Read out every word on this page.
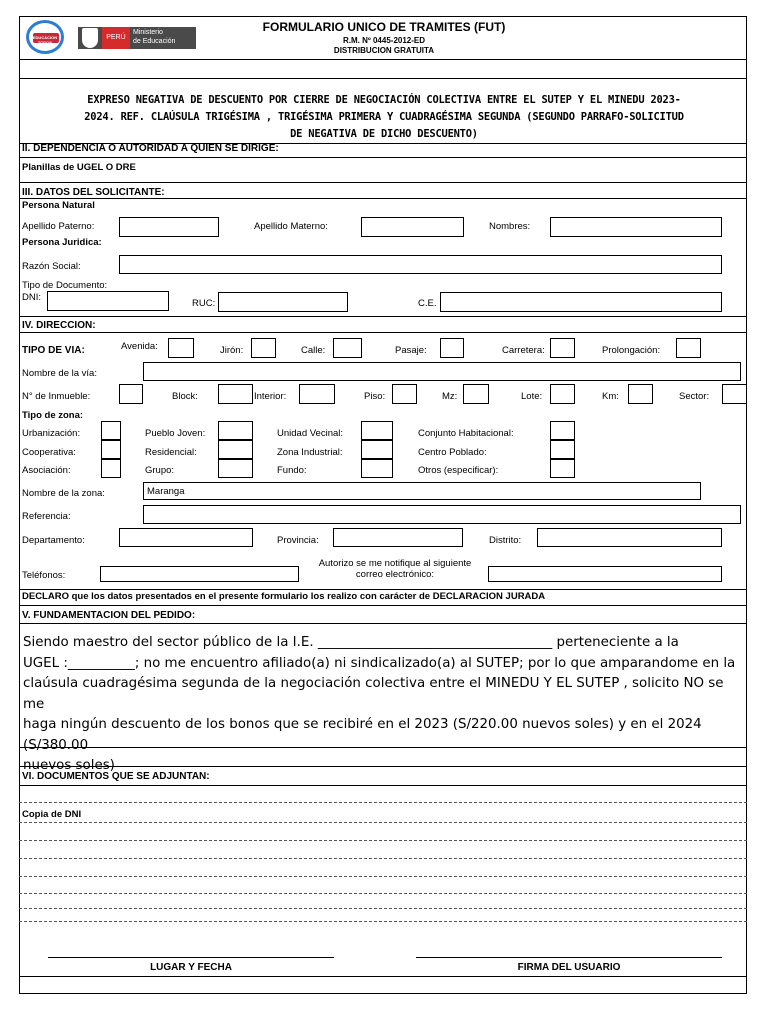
PERÚ
Ministerio
de Educación
EDUCACION TODOS
FORMULARIO UNICO DE TRAMITES (FUT)
R.M. Nº 0445-2012-ED
DISTRIBUCION GRATUITA
EXPRESO NEGATIVA DE DESCUENTO POR CIERRE DE NEGOCIACIÓN COLECTIVA ENTRE EL SUTEP Y EL MINEDU 2023-
2024. REF. CLAÚSULA TRIGÉSIMA , TRIGÉSIMA PRIMERA Y CUADRAGÉSIMA SEGUNDA (SEGUNDO PARRAFO-SOLICITUD
DE NEGATIVA DE DICHO DESCUENTO)
II. DEPENDENCIA O AUTORIDAD A QUIEN SE DIRIGE:
Planillas de UGEL O DRE
III. DATOS DEL SOLICITANTE:
Persona Natural
Apellido Paterno:	Apellido Materno:	Nombres:
Persona Juridica:
Razón Social:
Tipo de Documento:
DNI:
RUC:	C.E.
IV. DIRECCION:
TIPO DE VIA:	Avenida:	Jirón:	Calle:	Pasaje:	Carretera:	Prolongación:
Nombre de la vía:
N° de Inmueble:	Block:	Interior:	Piso:	Mz:	Lote:	Km:	Sector:
Tipo de zona:
Urbanización:	Pueblo Joven:	Unidad Vecinal:	Conjunto Habitacional:
Cooperativa:	Residencial:	Zona Industrial:	Centro Poblado:
Asociación:	Grupo:	Fundo:	Otros (especificar):
Nombre de la zona:	Maranga
Referencia:
Departamento:	Provincia:	Distrito:
Teléfonos:
Autorizo se me notifique al siguiente
correo electrónico:
DECLARO que los datos presentados en el presente formulario los realizo con carácter de DECLARACION JURADA
V. FUNDAMENTACION DEL PEDIDO:
Siendo maestro del sector público de la I.E. ___________________________________ perteneciente a la
UGEL :__________; no me encuentro afiliado(a) ni sindicalizado(a) al SUTEP; por lo que amparandome en la
claúsula cuadragésima segunda de la negociación colectiva entre el MINEDU Y EL SUTEP , solicito NO se me
haga ningún descuento de los bonos que se recibiré en el 2023 (S/220.00 nuevos soles) y en el 2024 (S/380.00
nuevos soles)
VI. DOCUMENTOS QUE SE ADJUNTAN:
Copia de DNI
LUGAR Y FECHA	FIRMA DEL USUARIO
